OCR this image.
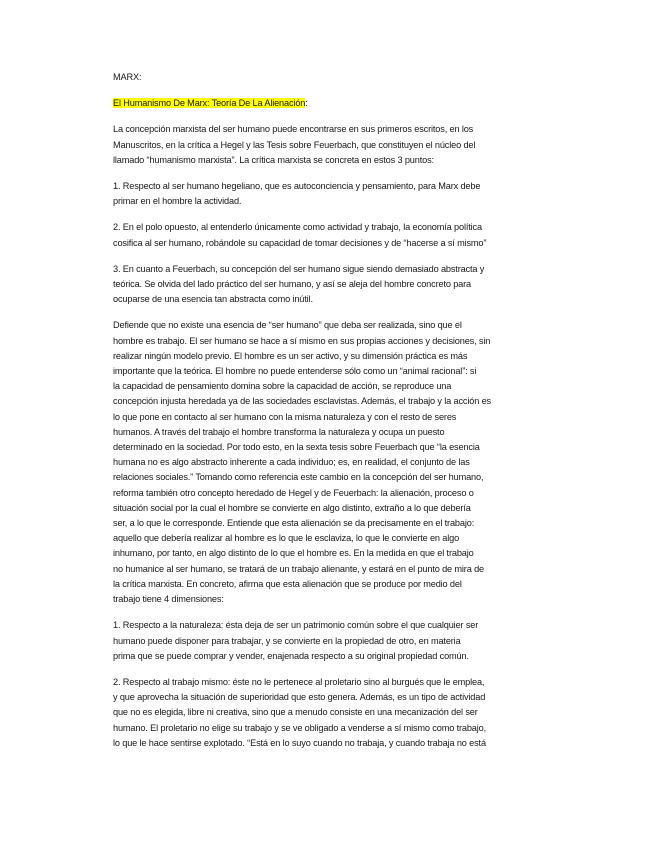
MARX:

El Humanismo De Marx: Teoría De La Alienación:

La concepción marxista del ser humano puede encontrarse en sus primeros escritos, en los
Manuscritos, en la crítica a Hegel y las Tesis sobre Feuerbach, que constituyen el núcleo del
llamado “humanismo marxista”. La crítica marxista se concreta en estos 3 puntos:

1. Respecto al ser humano hegeliano, que es autoconciencia y pensamiento, para Marx debe
primar en el hombre la actividad.

2. En el polo opuesto, al entenderlo únicamente como actividad y trabajo, la economía política
cosifica al ser humano, robándole su capacidad de tomar decisiones y de “hacerse a sí mismo”

3. En cuanto a Feuerbach, su concepción del ser humano sigue siendo demasiado abstracta y
teórica. Se olvida del lado práctico del ser humano, y así se aleja del hombre concreto para
ocuparse de una esencia tan abstracta como inútil.

Defiende que no existe una esencia de “ser humano” que deba ser realizada, sino que el
hombre es trabajo. El ser humano se hace a sí mismo en sus propias acciones y decisiones, sin
realizar ningún modelo previo. El hombre es un ser activo, y su dimensión práctica es más
importante que la teórica. El hombre no puede entenderse sólo como un “animal racional”: si
la capacidad de pensamiento domina sobre la capacidad de acción, se reproduce una
concepción injusta heredada ya de las sociedades esclavistas. Además, el trabajo y la acción es
lo que pone en contacto al ser humano con la misma naturaleza y con el resto de seres
humanos. A través del trabajo el hombre transforma la naturaleza y ocupa un puesto
determinado en la sociedad. Por todo esto, en la sexta tesis sobre Feuerbach que “la esencia
humana no es algo abstracto inherente a cada individuo; es, en realidad, el conjunto de las
relaciones sociales.” Tomando como referencia este cambio en la concepción del ser humano,
reforma también otro concepto heredado de Hegel y de Feuerbach: la alienación, proceso o
situación social por la cual el hombre se convierte en algo distinto, extraño a lo que debería
ser, a lo que le corresponde. Entiende que esta alienación se da precisamente en el trabajo:
aquello que debería realizar al hombre es lo que le esclaviza, lo que le convierte en algo
inhumano, por tanto, en algo distinto de lo que el hombre es. En la medida en que el trabajo
no humanice al ser humano, se tratará de un trabajo alienante, y estará en el punto de mira de
la crítica marxista. En concreto, afirma que esta alienación que se produce por medio del
trabajo tiene 4 dimensiones:

1. Respecto a la naturaleza: ésta deja de ser un patrimonio común sobre el que cualquier ser
humano puede disponer para trabajar, y se convierte en la propiedad de otro, en materia
prima que se puede comprar y vender, enajenada respecto a su original propiedad común.

2. Respecto al trabajo mismo: éste no le pertenece al proletario sino al burgués que le emplea,
y que aprovecha la situación de superioridad que esto genera. Además, es un tipo de actividad
que no es elegida, libre ni creativa, sino que a menudo consiste en una mecanización del ser
humano. El proletario no elige su trabajo y se ve obligado a venderse a sí mismo como trabajo,
lo que le hace sentirse explotado. “Está en lo suyo cuando no trabaja, y cuando trabaja no está
